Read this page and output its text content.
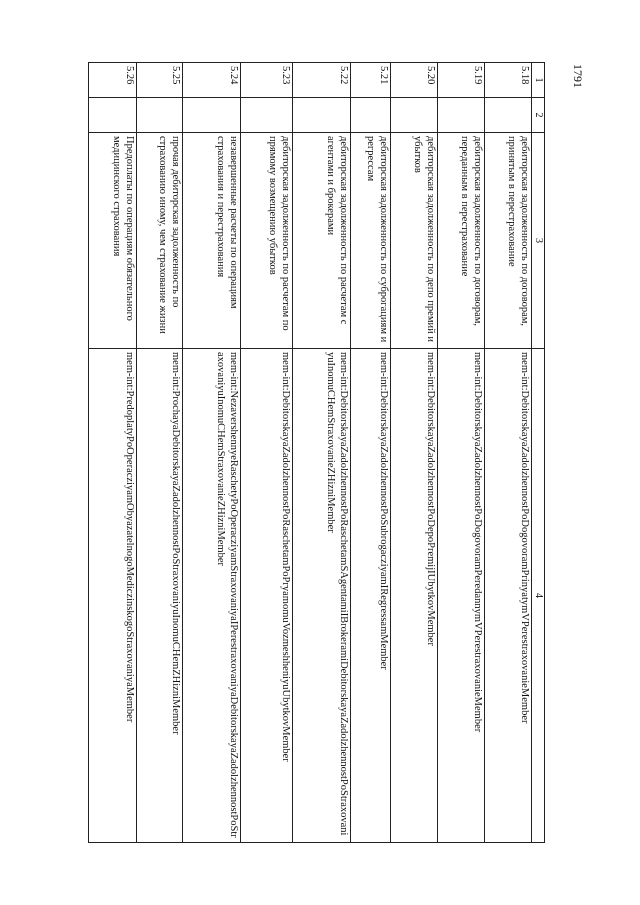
1791
1	2	3	4
5.18		дебиторская задолженность по договорам, принятым в перестрахование	mem-int:DebitorskayaZadolzhennostPoDogovoramPrinyatymVPerestraxovanieMember
5.19		дебиторская задолженность по договорам, переданным в перестрахование	mem-int:DebitorskayaZadolzhennostPoDogovoramPeredannymVPerestraxovanieMember
5.20		дебиторская задолженность по депо премий и убытков	mem-int:DebitorskayaZadolzhennostPoDepoPremijIUbytkovMember
5.21		дебиторская задолженность по суброгациям и регрессам	mem-int:DebitorskayaZadolzhennostPoSubrogacziyamIRegressamMember
5.22		дебиторская задолженность по расчетам с агентами и брокерами	mem-int:DebitorskayaZadolzhennostPoRaschetamSAgentamiIBrokeramiDebitorskayaZadolzhennostPoStraxovaniyuInomuCHemStraxovanieZHizniMember
5.23		дебиторская задолженность по расчетам по прямому возмещению убытков	mem-int:DebitorskayaZadolzhennostPoRaschetamPoPryamomuVozmeshheniyuUbytkovMember
5.24		незавершенные расчеты по операциям страхования и перестрахования	mem-int:NezavershennyeRaschetyPoOperacziyamStraxovaniyaIPerestraxovaniyaDebitorskayaZadolzhennostPoStraxovaniyuInomuCHemStraxovanieZHizniMember
5.25		прочая дебиторская задолженность по страхованию иному, чем страхование жизни	mem-int:ProchayaDebitorskayaZadolzhennostPoStraxovaniyuInomuCHemZHizniMember
5.26		Предоплаты по операциям обязательного медицинского страхования	mem-int:PredoplatyPoOperacziyamObyazatelnogoMediczinskogoStraxovaniyaMember
